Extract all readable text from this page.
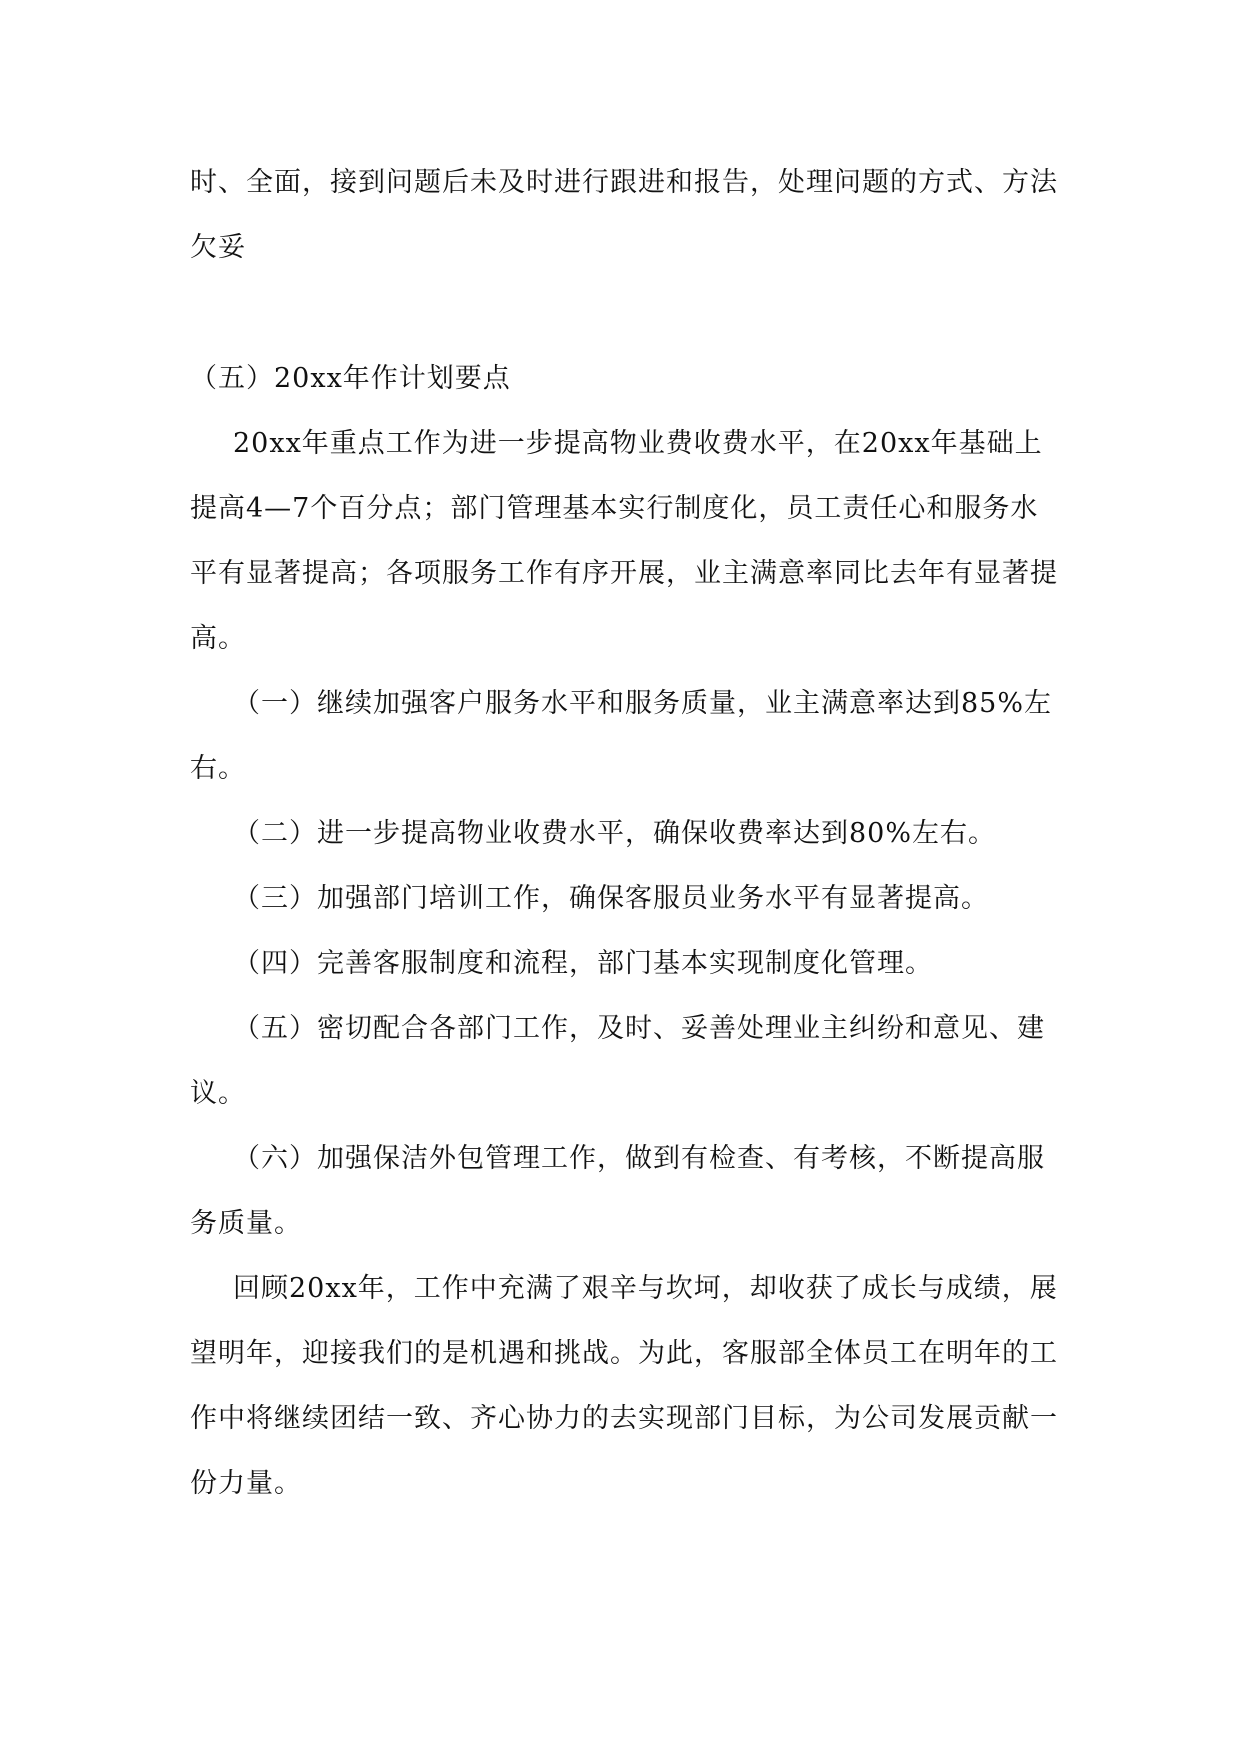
时、全面，接到问题后未及时进行跟进和报告，处理问题的方式、方法欠妥

（五）20xx年作计划要点

20xx年重点工作为进一步提高物业费收费水平，在20xx年基础上提高4—7个百分点；部门管理基本实行制度化，员工责任心和服务水平有显著提高；各项服务工作有序开展，业主满意率同比去年有显著提高。

（一）继续加强客户服务水平和服务质量，业主满意率达到85%左右。

（二）进一步提高物业收费水平，确保收费率达到80%左右。

（三）加强部门培训工作，确保客服员业务水平有显著提高。

（四）完善客服制度和流程，部门基本实现制度化管理。

（五）密切配合各部门工作，及时、妥善处理业主纠纷和意见、建议。

（六）加强保洁外包管理工作，做到有检查、有考核，不断提高服务质量。

回顾20xx年，工作中充满了艰辛与坎坷，却收获了成长与成绩，展望明年，迎接我们的是机遇和挑战。为此，客服部全体员工在明年的工作中将继续团结一致、齐心协力的去实现部门目标，为公司发展贡献一份力量。
